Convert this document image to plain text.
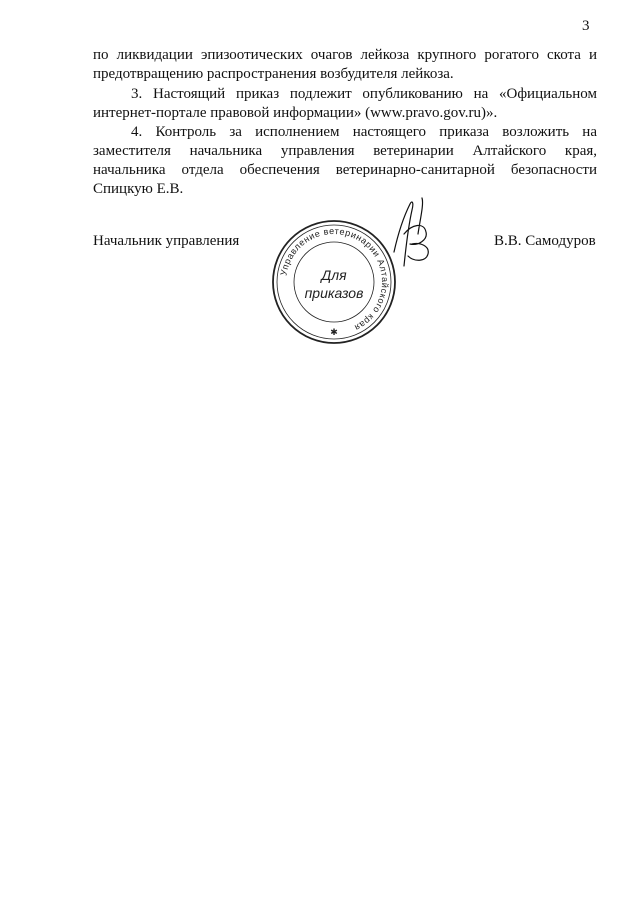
3

по ликвидации эпизоотических очагов лейкоза крупного рогатого скота и предотвращению распространения возбудителя лейкоза.

3. Настоящий приказ подлежит опубликованию на «Официальном интернет-портале правовой информации» (www.pravo.gov.ru)».

4. Контроль за исполнением настоящего приказа возложить на заместителя начальника управления ветеринарии Алтайского края, начальника отдела обеспечения ветеринарно-санитарной безопасности Спицкую Е.В.

Начальник управления	В.В. Самодуров
Управление ветеринарии Алтайского края
Для
приказов
✱
